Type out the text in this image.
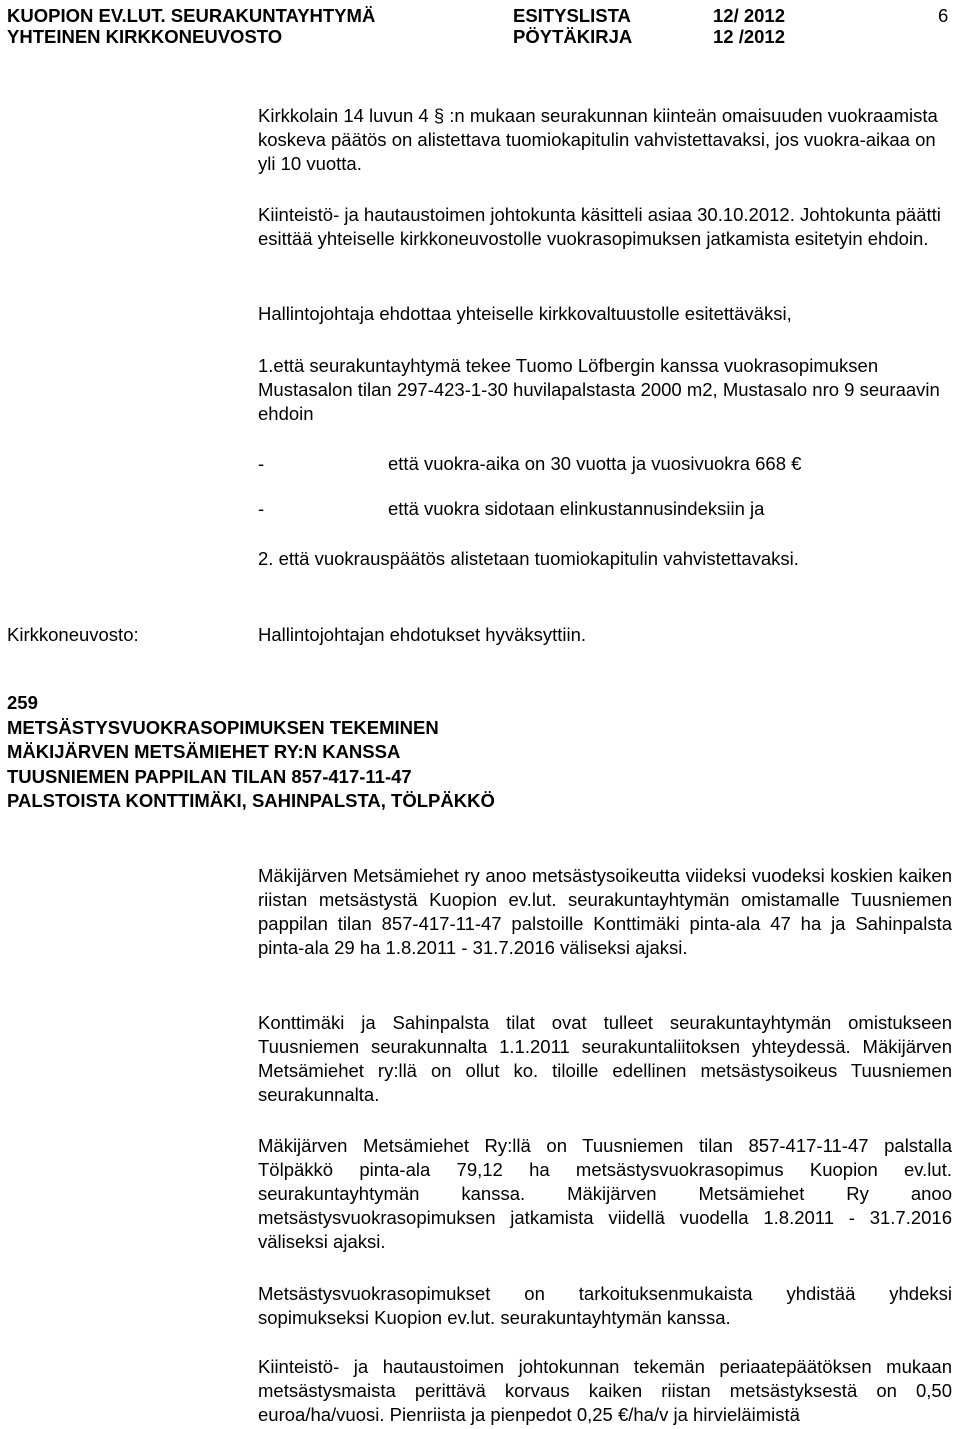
KUOPION EV.LUT. SEURAKUNTAYHTYMÄ
YHTEINEN KIRKKONEUVOSTO
ESITYSLISTA
PÖYTÄKIRJA
12/ 2012
12 /2012
6

Kirkkolain 14 luvun 4 § :n mukaan seurakunnan kiinteän omaisuuden vuokraamista koskeva päätös on alistettava tuomiokapitulin vahvistettavaksi, jos vuokra-aikaa on yli 10 vuotta.

Kiinteistö- ja hautaustoimen johtokunta käsitteli asiaa 30.10.2012. Johtokunta päätti esittää yhteiselle kirkkoneuvostolle vuokrasopimuksen jatkamista esitetyin ehdoin.

Hallintojohtaja ehdottaa yhteiselle kirkkovaltuustolle esitettäväksi,

1.että seurakuntayhtymä tekee Tuomo Löfbergin kanssa vuokrasopimuksen Mustasalon tilan 297-423-1-30 huvilapalstasta 2000 m2, Mustasalo nro 9 seuraavin ehdoin

-	että vuokra-aika on 30 vuotta ja vuosivuokra 668 €
-	että vuokra sidotaan elinkustannusindeksiin ja
2. että vuokrauspäätös alistetaan tuomiokapitulin vahvistettavaksi.
Kirkkoneuvosto:	Hallintojohtajan ehdotukset hyväksyttiin.
259
METSÄSTYSVUOKRASOPIMUKSEN TEKEMINEN
MÄKIJÄRVEN METSÄMIEHET RY:N KANSSA
TUUSNIEMEN PAPPILAN TILAN 857-417-11-47
PALSTOISTA KONTTIMÄKI, SAHINPALSTA, TÖLPÄKKÖ

Mäkijärven Metsämiehet ry anoo metsästysoikeutta viideksi vuodeksi koskien kaiken riistan metsästystä Kuopion ev.lut. seurakuntayhtymän omistamalle Tuusniemen pappilan tilan 857-417-11-47 palstoille Konttimäki pinta-ala 47 ha ja Sahinpalsta pinta-ala 29 ha 1.8.2011 - 31.7.2016 väliseksi ajaksi.

Konttimäki ja Sahinpalsta tilat ovat tulleet seurakuntayhtymän omistukseen Tuusniemen seurakunnalta 1.1.2011 seurakuntaliitoksen yhteydessä. Mäkijärven Metsämiehet ry:llä on ollut ko. tiloille edellinen metsästysoikeus Tuusniemen seurakunnalta.

Mäkijärven Metsämiehet Ry:llä on Tuusniemen tilan 857-417-11-47 palstalla Tölpäkkö pinta-ala 79,12 ha metsästysvuokrasopimus Kuopion ev.lut. seurakuntayhtymän kanssa. Mäkijärven Metsämiehet Ry anoo metsästysvuokrasopimuksen jatkamista viidellä vuodella 1.8.2011 - 31.7.2016 väliseksi ajaksi.

Metsästysvuokrasopimukset on tarkoituksenmukaista yhdistää yhdeksi sopimukseksi Kuopion ev.lut. seurakuntayhtymän kanssa.

Kiinteistö- ja hautaustoimen johtokunnan tekemän periaatepäätöksen mukaan metsästysmaista perittävä korvaus kaiken riistan metsästyksestä on 0,50 euroa/ha/vuosi. Pienriista ja pienpedot 0,25 €/ha/v ja hirvieläimistä
